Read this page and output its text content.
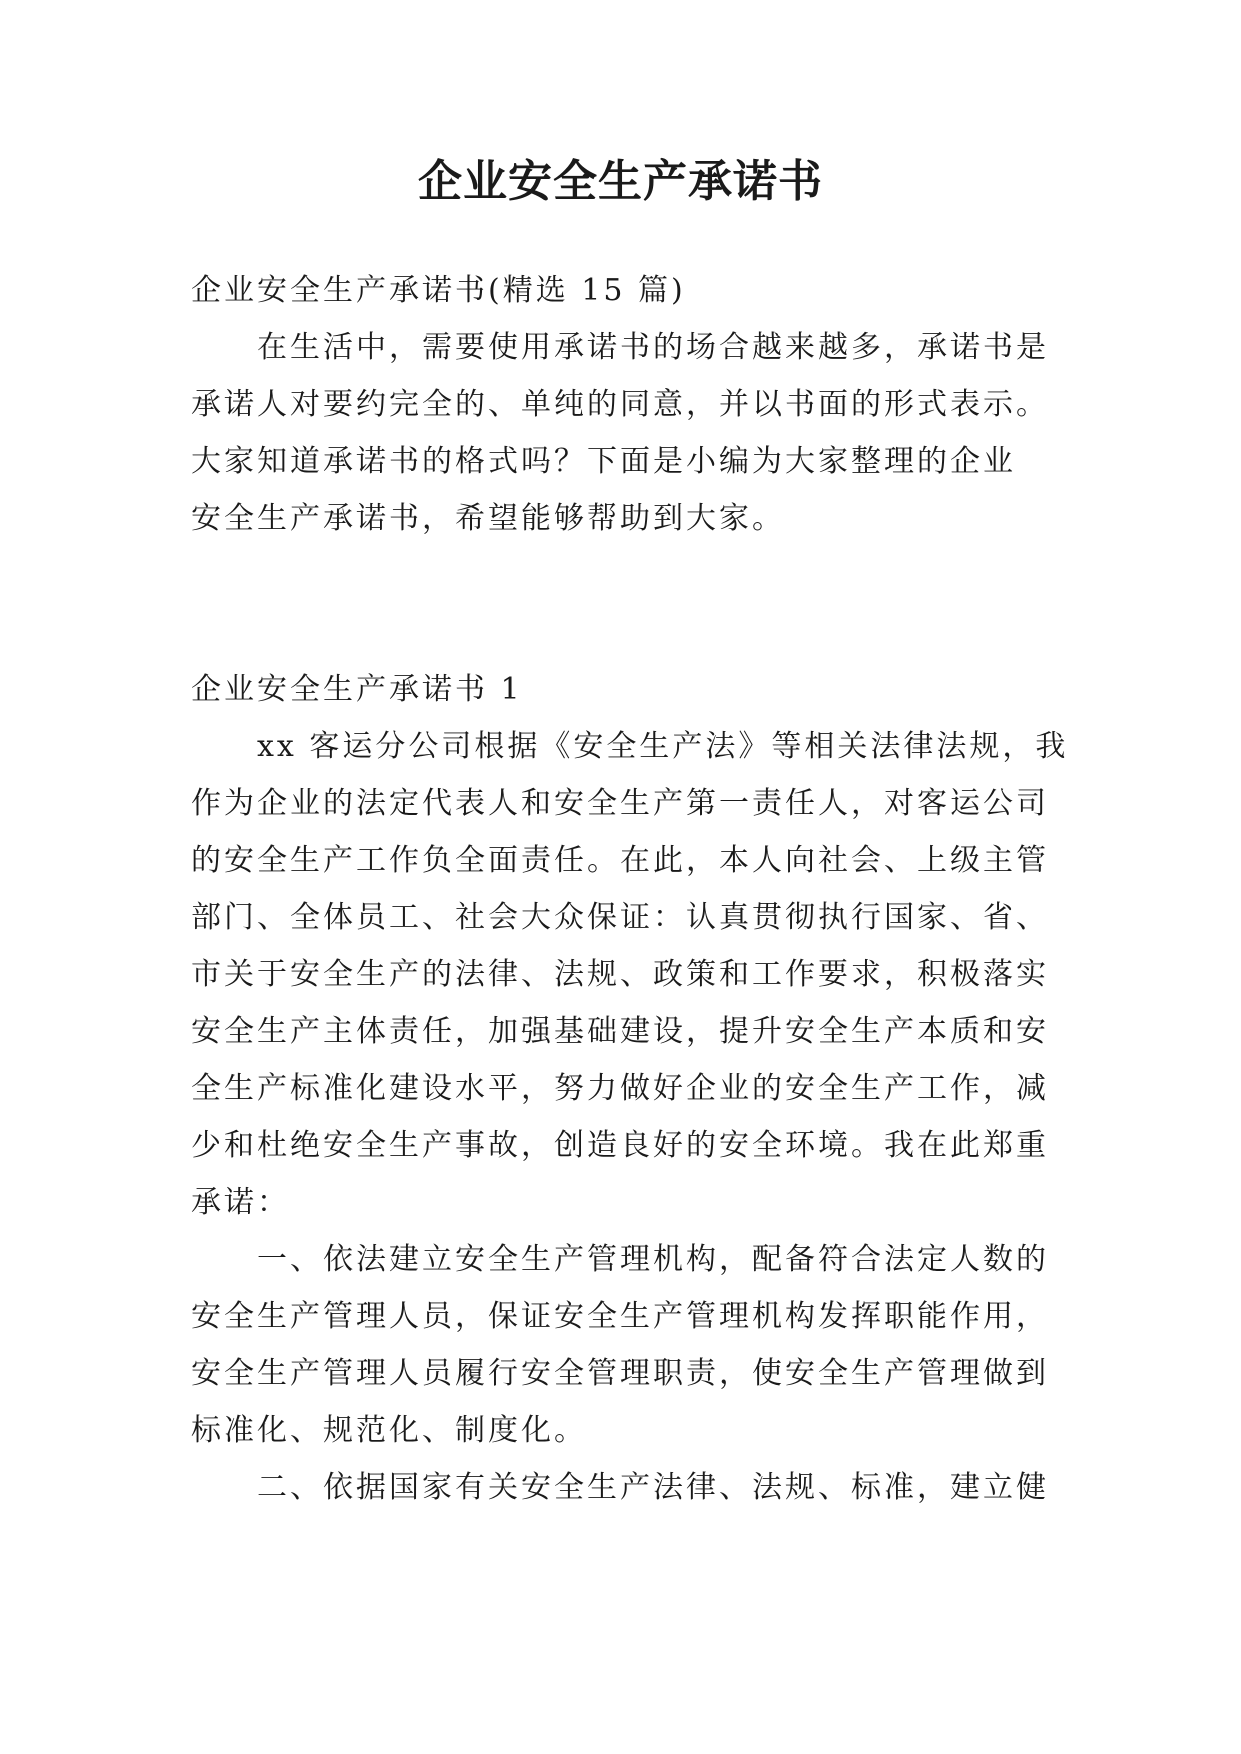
企业安全生产承诺书
企业安全生产承诺书(精选 15 篇)
在生活中，需要使用承诺书的场合越来越多，承诺书是
承诺人对要约完全的、单纯的同意，并以书面的形式表示。
大家知道承诺书的格式吗？下面是小编为大家整理的企业
安全生产承诺书，希望能够帮助到大家。
企业安全生产承诺书 1
xx 客运分公司根据《安全生产法》等相关法律法规，我
作为企业的法定代表人和安全生产第一责任人，对客运公司
的安全生产工作负全面责任。在此，本人向社会、上级主管
部门、全体员工、社会大众保证：认真贯彻执行国家、省、
市关于安全生产的法律、法规、政策和工作要求，积极落实
安全生产主体责任，加强基础建设，提升安全生产本质和安
全生产标准化建设水平，努力做好企业的安全生产工作，减
少和杜绝安全生产事故，创造良好的安全环境。我在此郑重
承诺：
一、依法建立安全生产管理机构，配备符合法定人数的
安全生产管理人员，保证安全生产管理机构发挥职能作用，
安全生产管理人员履行安全管理职责，使安全生产管理做到
标准化、规范化、制度化。
二、依据国家有关安全生产法律、法规、标准，建立健
